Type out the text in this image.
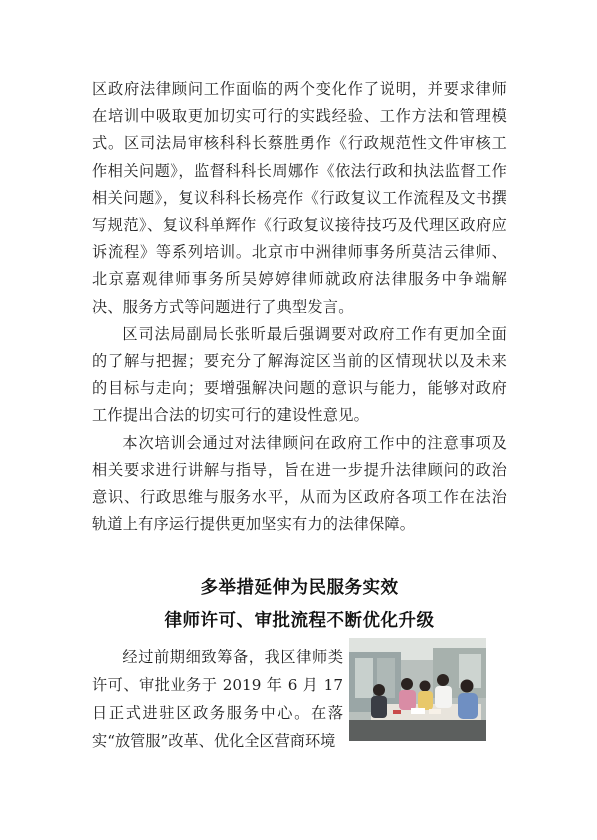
区政府法律顾问工作面临的两个变化作了说明，并要求律师在培训中吸取更加切实可行的实践经验、工作方法和管理模式。区司法局审核科科长蔡胜勇作《行政规范性文件审核工作相关问题》，监督科科长周娜作《依法行政和执法监督工作相关问题》，复议科科长杨亮作《行政复议工作流程及文书撰写规范》、复议科单辉作《行政复议接待技巧及代理区政府应诉流程》等系列培训。北京市中洲律师事务所莫洁云律师、北京嘉观律师事务所吴婷婷律师就政府法律服务中争端解决、服务方式等问题进行了典型发言。

区司法局副局长张昕最后强调要对政府工作有更加全面的了解与把握；要充分了解海淀区当前的区情现状以及未来的目标与走向；要增强解决问题的意识与能力，能够对政府工作提出合法的切实可行的建设性意见。

本次培训会通过对法律顾问在政府工作中的注意事项及相关要求进行讲解与指导，旨在进一步提升法律顾问的政治意识、行政思维与服务水平，从而为区政府各项工作在法治轨道上有序运行提供更加坚实有力的法律保障。

多举措延伸为民服务实效
律师许可、审批流程不断优化升级
经过前期细致筹备，我区律师类许可、审批业务于 2019 年 6 月 17 日正式进驻区政务服务中心。在落实“放管服”改革、优化全区营商环境
